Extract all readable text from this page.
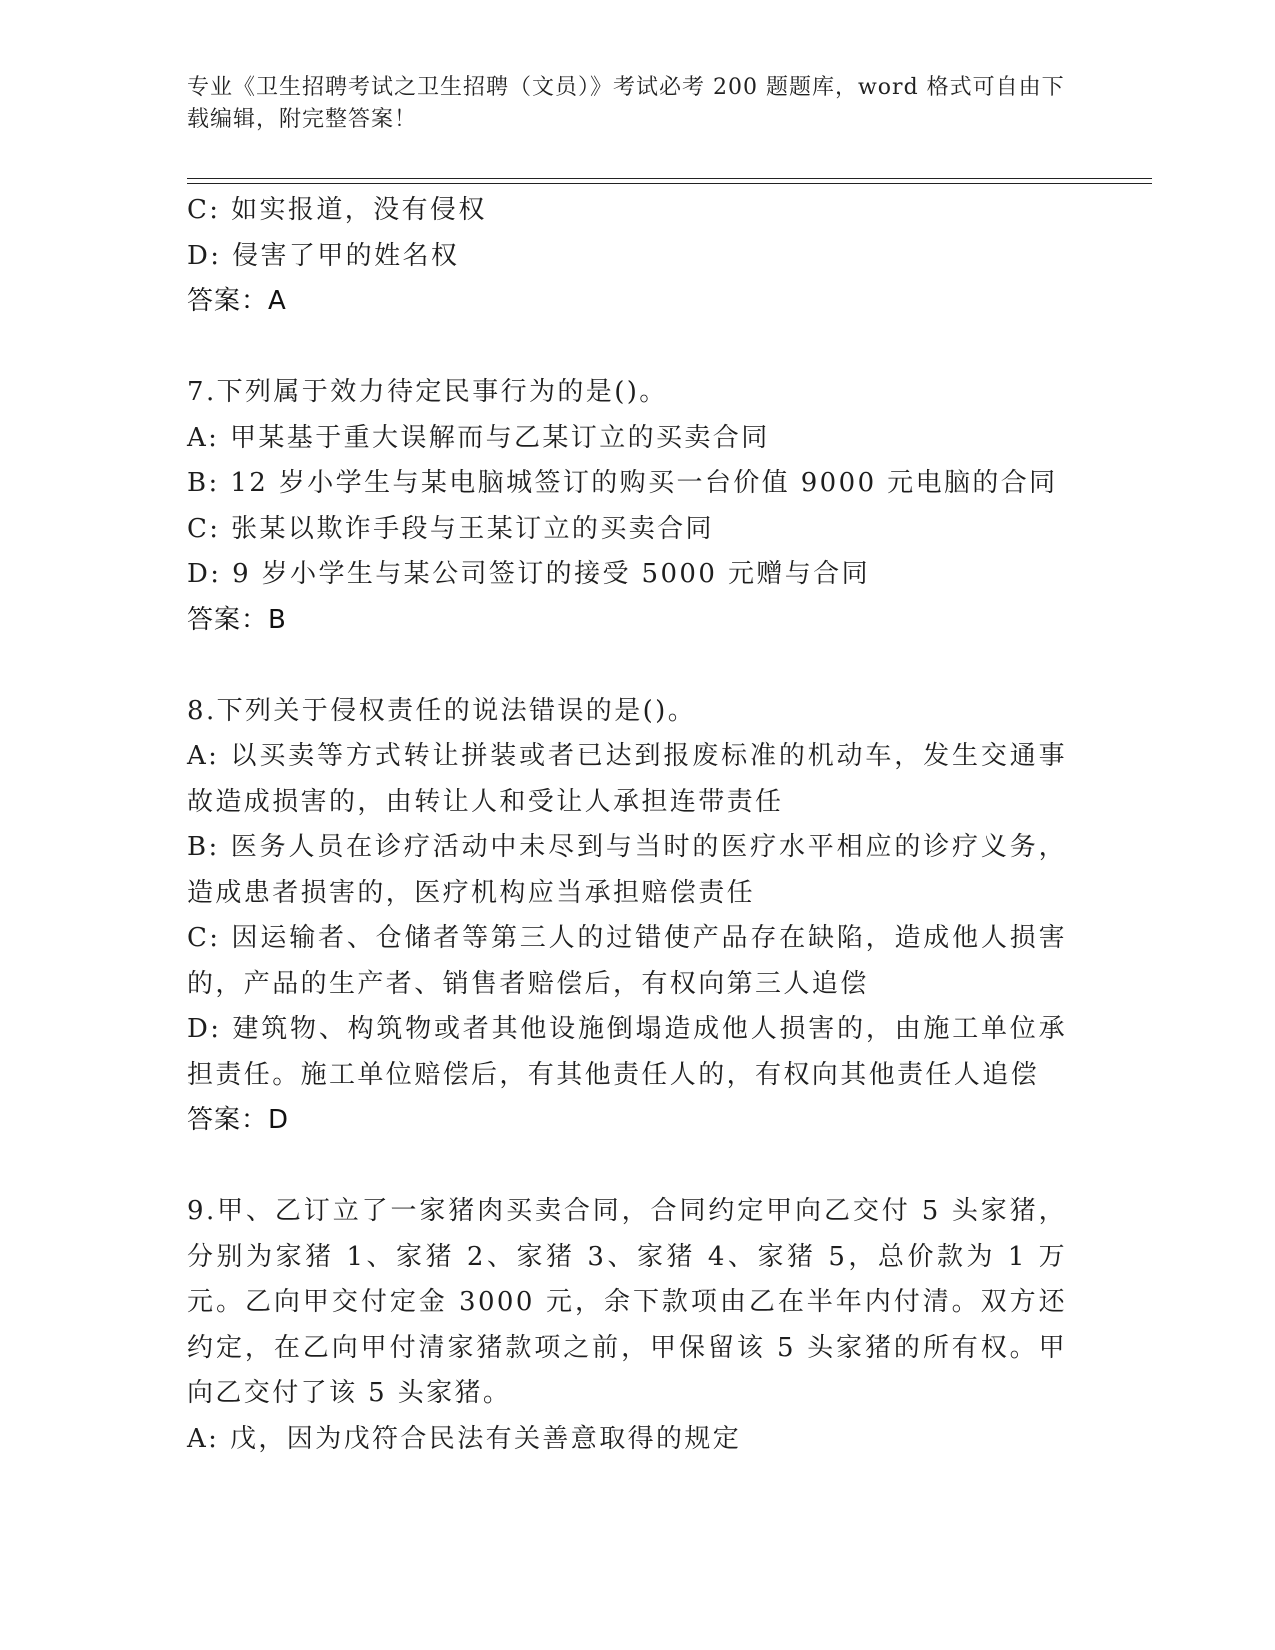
专业《卫生招聘考试之卫生招聘（文员）》考试必考 200 题题库，word 格式可自由下载编辑，附完整答案！
C: 如实报道，没有侵权
D: 侵害了甲的姓名权
答案：A
7.下列属于效力待定民事行为的是()。
A: 甲某基于重大误解而与乙某订立的买卖合同
B: 12 岁小学生与某电脑城签订的购买一台价值 9000 元电脑的合同
C: 张某以欺诈手段与王某订立的买卖合同
D: 9 岁小学生与某公司签订的接受 5000 元赠与合同
答案：B
8.下列关于侵权责任的说法错误的是()。
A: 以买卖等方式转让拼装或者已达到报废标准的机动车，发生交通事故造成损害的，由转让人和受让人承担连带责任
B: 医务人员在诊疗活动中未尽到与当时的医疗水平相应的诊疗义务，造成患者损害的，医疗机构应当承担赔偿责任
C: 因运输者、仓储者等第三人的过错使产品存在缺陷，造成他人损害的，产品的生产者、销售者赔偿后，有权向第三人追偿
D: 建筑物、构筑物或者其他设施倒塌造成他人损害的，由施工单位承担责任。施工单位赔偿后，有其他责任人的，有权向其他责任人追偿
答案：D
9.甲、乙订立了一家猪肉买卖合同，合同约定甲向乙交付 5 头家猪，分别为家猪 1、家猪 2、家猪 3、家猪 4、家猪 5，总价款为 1 万元。乙向甲交付定金 3000 元，余下款项由乙在半年内付清。双方还约定，在乙向甲付清家猪款项之前，甲保留该 5 头家猪的所有权。甲向乙交付了该 5 头家猪。
A: 戊，因为戊符合民法有关善意取得的规定
